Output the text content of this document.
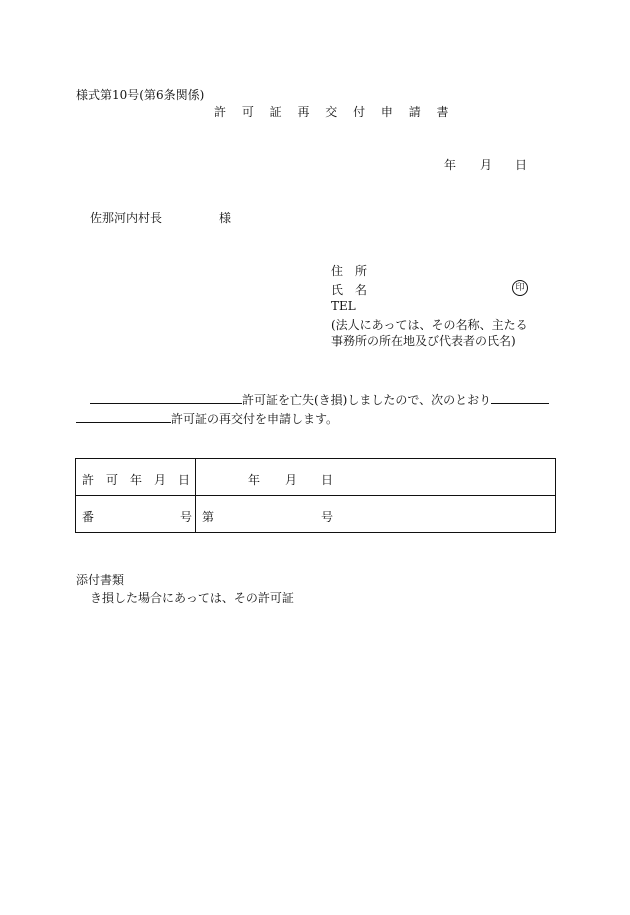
様式第10号(第6条関係)
許 可 証 再 交 付 申 請 書
年 月 日
佐那河内村長	様
住　所
氏　名	印
TEL
(法人にあっては、その名称、主たる
事務所の所在地及び代表者の氏名)
許可証を亡失(き損)しましたので、次のとおり
許可証の再交付を申請します。
許　可　年　月　日	年 月 日

番 号	第 号
添付書類
き損した場合にあっては、その許可証
